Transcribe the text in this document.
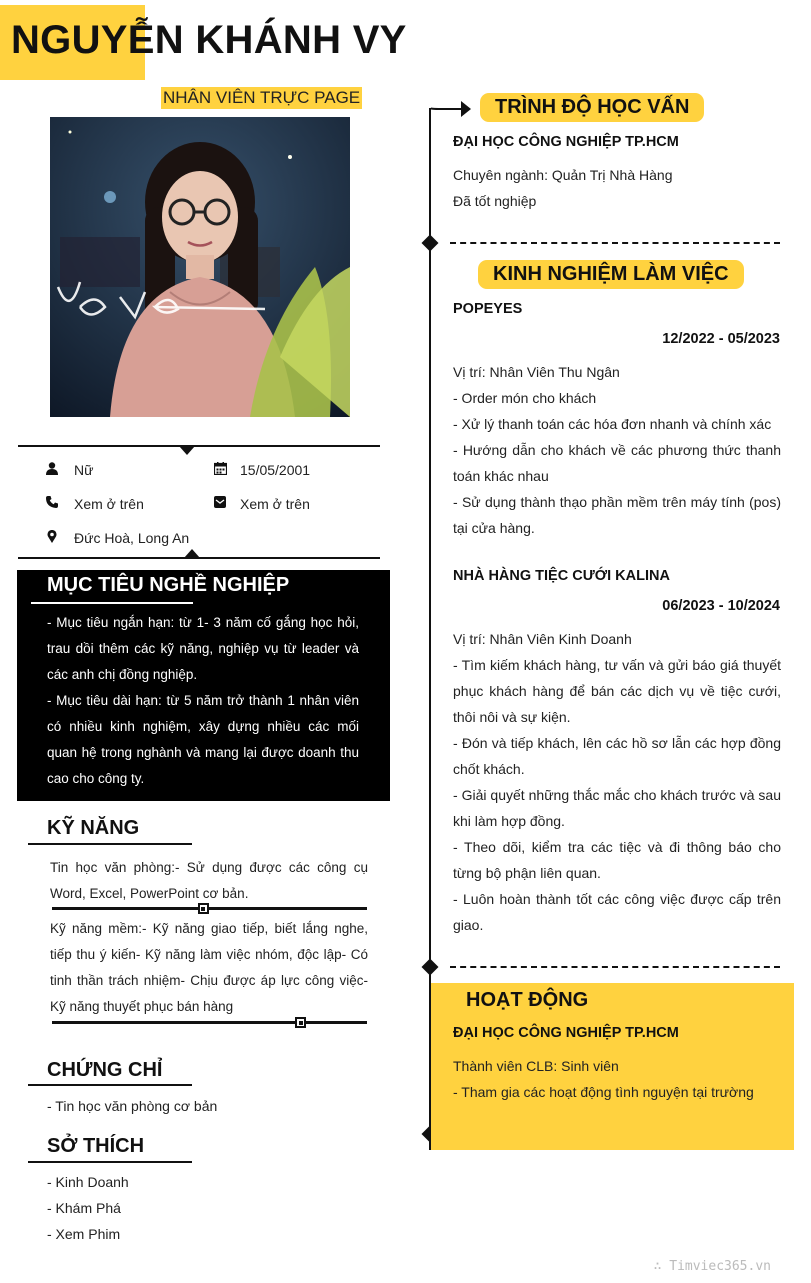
NGUYỄN KHÁNH VY
NHÂN VIÊN TRỰC PAGE
Nữ	15/05/2001
Xem ở trên	Xem ở trên
Đức Hoà, Long An
MỤC TIÊU NGHỀ NGHIỆP
- Mục tiêu ngắn hạn: từ 1- 3 năm cố gắng học hỏi, trau dồi thêm các kỹ năng, nghiệp vụ từ leader và các anh chị đồng nghiệp.
- Mục tiêu dài hạn: từ 5 năm trở thành 1 nhân viên có nhiều kinh nghiệm, xây dựng nhiều các mối quan hệ trong nghành và mang lại được doanh thu cao cho công ty.
KỸ NĂNG
Tin học văn phòng:- Sử dụng được các công cụ Word, Excel, PowerPoint cơ bản.
Kỹ năng mềm:- Kỹ năng giao tiếp, biết lắng nghe, tiếp thu ý kiến- Kỹ năng làm việc nhóm, độc lập- Có tinh thần trách nhiệm- Chịu được áp lực công việc- Kỹ năng thuyết phục bán hàng
CHỨNG CHỈ
- Tin học văn phòng cơ bản
SỞ THÍCH
- Kinh Doanh
- Khám Phá
- Xem Phim
TRÌNH ĐỘ HỌC VẤN
ĐẠI HỌC CÔNG NGHIỆP TP.HCM
Chuyên ngành: Quản Trị Nhà Hàng
Đã tốt nghiệp
KINH NGHIỆM LÀM VIỆC
POPEYES
12/2022 - 05/2023
Vị trí: Nhân Viên Thu Ngân
- Order món cho khách
- Xử lý thanh toán các hóa đơn nhanh và chính xác
- Hướng dẫn cho khách về các phương thức thanh toán khác nhau
- Sử dụng thành thạo phần mềm trên máy tính (pos) tại cửa hàng.
NHÀ HÀNG TIỆC CƯỚI KALINA
06/2023 - 10/2024
Vị trí: Nhân Viên Kinh Doanh
- Tìm kiếm khách hàng, tư vấn và gửi báo giá thuyết phục khách hàng để bán các dịch vụ về tiệc cưới, thôi nôi và sự kiện.
- Đón và tiếp khách, lên các hồ sơ lẫn các hợp đồng chốt khách.
- Giải quyết những thắc mắc cho khách trước và sau khi làm hợp đồng.
- Theo dõi, kiểm tra các tiệc và đi thông báo cho từng bộ phận liên quan.
- Luôn hoàn thành tốt các công việc được cấp trên giao.
HOẠT ĐỘNG
ĐẠI HỌC CÔNG NGHIỆP TP.HCM
Thành viên CLB: Sinh viên
- Tham gia các hoạt động tình nguyện tại trường
∴ Timviec365.vn
